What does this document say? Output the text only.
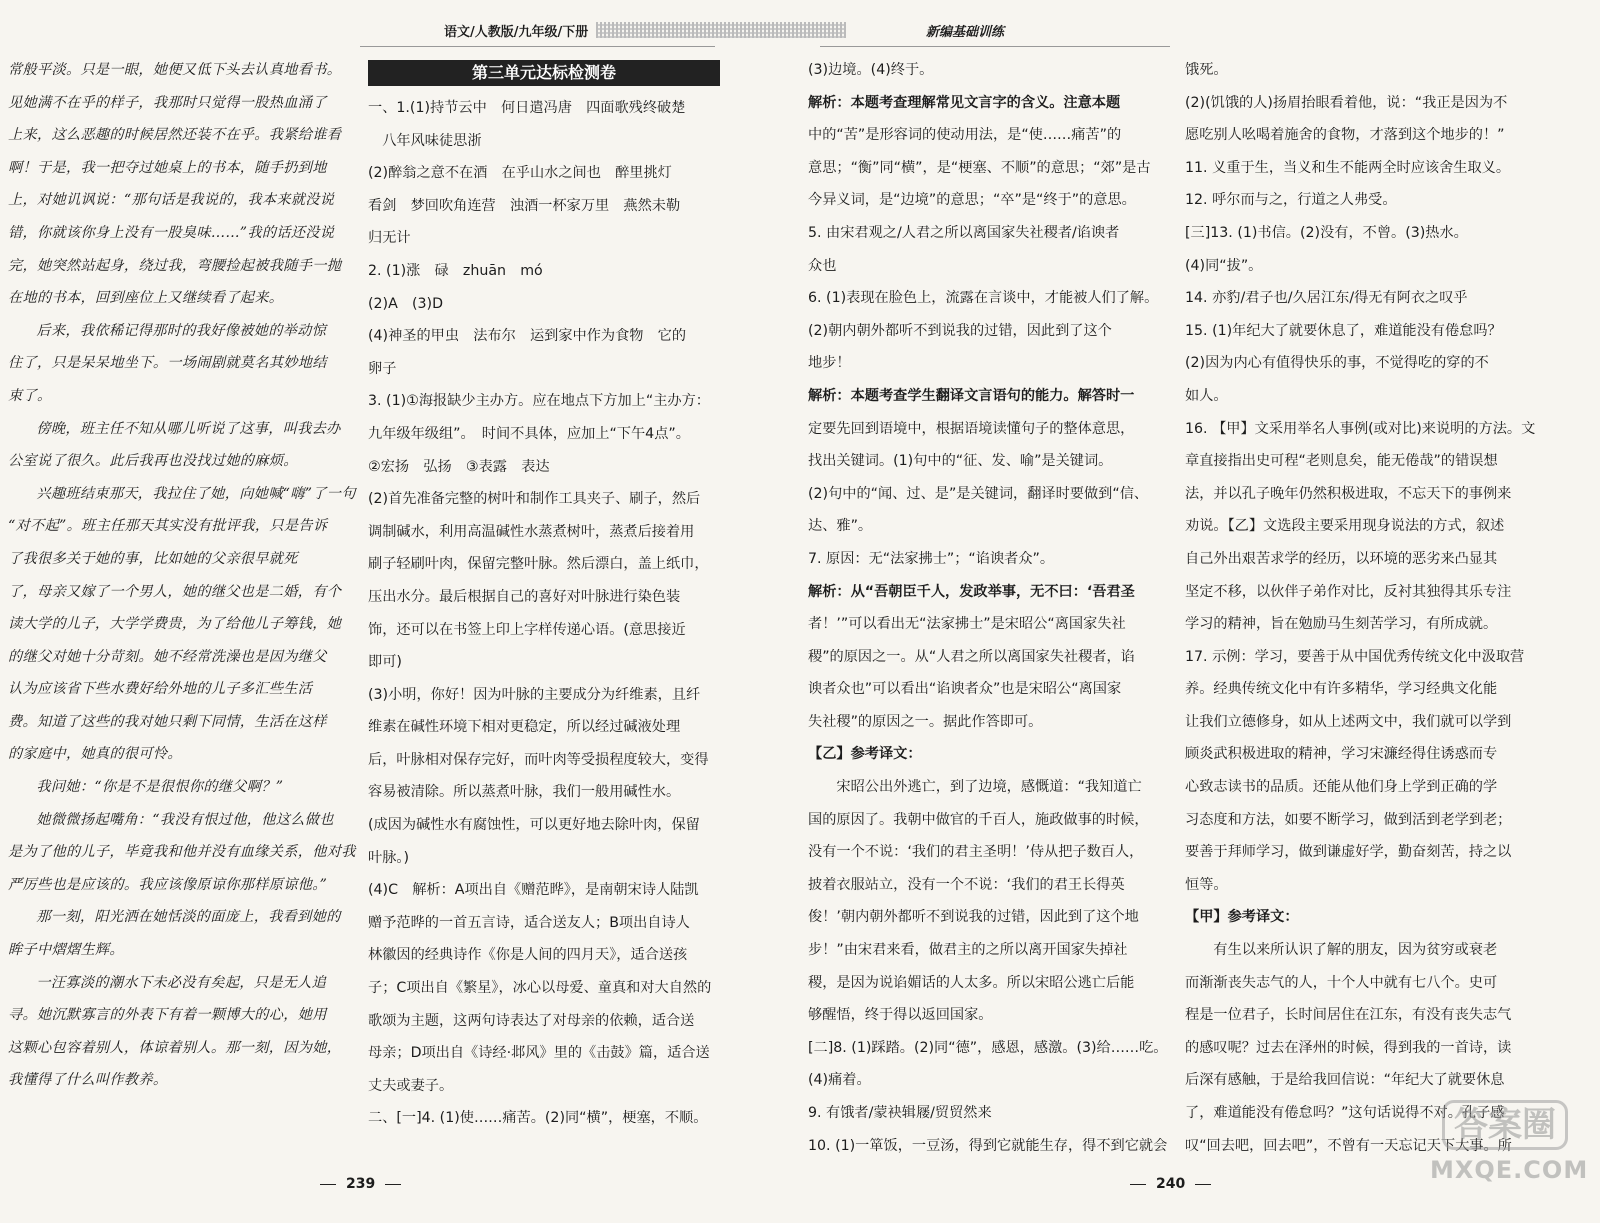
语文/人教版/九年级/下册	新编基础训练

常般平淡。只是一眼，她便又低下头去认真地看书。

见她满不在乎的样子，我那时只觉得一股热血涌了

上来，这么恶趣的时候居然还装不在乎。我紧给谁看

啊！于是，我一把夺过她桌上的书本，随手扔到地

上，对她讥讽说：“那句话是我说的，我本来就没说

错，你就该你身上没有一股臭味……”我的话还没说

完，她突然站起身，绕过我，弯腰捡起被我随手一抛

在地的书本，回到座位上又继续看了起来。

后来，我依稀记得那时的我好像被她的举动惊

住了，只是呆呆地坐下。一场闹剧就莫名其妙地结

束了。

傍晚，班主任不知从哪儿听说了这事，叫我去办

公室说了很久。此后我再也没找过她的麻烦。

兴趣班结束那天，我拉住了她，向她喊“嗨”了一句

“对不起”。班主任那天其实没有批评我，只是告诉

了我很多关于她的事，比如她的父亲很早就死

了，母亲又嫁了一个男人，她的继父也是二婚，有个

读大学的儿子，大学学费贵，为了给他儿子筹钱，她

的继父对她十分苛刻。她不经常洗澡也是因为继父

认为应该省下些水费好给外地的儿子多汇些生活

费。知道了这些的我对她只剩下同情，生活在这样

的家庭中，她真的很可怜。

我问她：“你是不是很恨你的继父啊？”

她微微扬起嘴角：“我没有恨过他，他这么做也

是为了他的儿子，毕竟我和他并没有血缘关系，他对我

严厉些也是应该的。我应该像原谅你那样原谅他。”

那一刻，阳光洒在她恬淡的面庞上，我看到她的

眸子中熠熠生辉。

一汪寡淡的潮水下未必没有矣起，只是无人追

寻。她沉默寡言的外表下有着一颗博大的心，她用

这颗心包容着别人，体谅着别人。那一刻，因为她，

我懂得了什么叫作教养。

第三单元达标检测卷

一、1.(1)持节云中　何日遣冯唐　四面歌残终破楚

　八年风味徒思浙

(2)醉翁之意不在酒　在乎山水之间也　醉里挑灯

看剑　梦回吹角连营　浊酒一杯家万里　燕然未勒

归无计

2. (1)涨　碌　zhuān　mó

(2)A　(3)D

(4)神圣的甲虫　法布尔　运到家中作为食物　它的

卵子

3. (1)①海报缺少主办方。应在地点下方加上“主办方：

九年级年级组”。　时间不具体，应加上“下午4点”。

②宏扬　弘扬　③表露　表达

(2)首先准备完整的树叶和制作工具夹子、刷子，然后

调制碱水，利用高温碱性水蒸煮树叶，蒸煮后接着用

刷子轻刷叶肉，保留完整叶脉。然后漂白，盖上纸巾，

压出水分。最后根据自己的喜好对叶脉进行染色装

饰，还可以在书签上印上字样传递心语。(意思接近

即可)

(3)小明，你好！因为叶脉的主要成分为纤维素，且纤

维素在碱性环境下相对更稳定，所以经过碱液处理

后，叶脉相对保存完好，而叶肉等受损程度较大，变得

容易被清除。所以蒸煮叶脉，我们一般用碱性水。

(成因为碱性水有腐蚀性，可以更好地去除叶肉，保留

叶脉。)

(4)C　解析：A项出自《赠范晔》，是南朝宋诗人陆凯

赠予范晔的一首五言诗，适合送友人；B项出自诗人

林徽因的经典诗作《你是人间的四月天》，适合送孩

子；C项出自《繁星》，冰心以母爱、童真和对大自然的

歌颂为主题，这两句诗表达了对母亲的依赖，适合送

母亲；D项出自《诗经·邶风》里的《击鼓》篇，适合送

丈夫或妻子。

二、[一]4. (1)使……痛苦。(2)同“横”，梗塞，不顺。

(3)边境。(4)终于。

解析：本题考查理解常见文言字的含义。注意本题

中的“苦”是形容词的使动用法，是“使……痛苦”的

意思；“衡”同“横”，是“梗塞、不顺”的意思；“郊”是古

今异义词，是“边境”的意思；“卒”是“终于”的意思。

5. 由宋君观之/人君之所以离国家失社稷者/谄谀者

众也

6. (1)表现在脸色上，流露在言谈中，才能被人们了解。

(2)朝内朝外都听不到说我的过错，因此到了这个

地步！

解析：本题考查学生翻译文言语句的能力。解答时一

定要先回到语境中，根据语境读懂句子的整体意思，

找出关键词。(1)句中的“征、发、喻”是关键词。

(2)句中的“闻、过、是”是关键词，翻译时要做到“信、

达、雅”。

7. 原因：无“法家拂士”；“谄谀者众”。

解析：从“吾朝臣千人，发政举事，无不曰：‘吾君圣

者！’”可以看出无“法家拂士”是宋昭公“离国家失社

稷”的原因之一。从“人君之所以离国家失社稷者，谄

谀者众也”可以看出“谄谀者众”也是宋昭公“离国家

失社稷”的原因之一。据此作答即可。

【乙】参考译文：

宋昭公出外逃亡，到了边境，感慨道：“我知道亡

国的原因了。我朝中做官的千百人，施政做事的时候，

没有一个不说：‘我们的君主圣明！’侍从把子数百人，

披着衣服站立，没有一个不说：‘我们的君王长得英

俊！’朝内朝外都听不到说我的过错，因此到了这个地

步！”由宋君来看，做君主的之所以离开国家失掉社

稷，是因为说谄媚话的人太多。所以宋昭公逃亡后能

够醒悟，终于得以返回国家。

[二]8. (1)踩踏。(2)同“德”，感恩，感激。(3)给……吃。

(4)痛着。

9. 有饿者/蒙袂辑屦/贸贸然来

10. (1)一箪饭，一豆汤，得到它就能生存，得不到它就会

饿死。

(2)(饥饿的人)扬眉抬眼看着他，说：“我正是因为不

愿吃别人吆喝着施舍的食物，才落到这个地步的！”

11. 义重于生，当义和生不能两全时应该舍生取义。

12. 呼尔而与之，行道之人弗受。

[三]13. (1)书信。(2)没有，不曾。(3)热水。

(4)同“拔”。

14. 亦豹/君子也/久居江东/得无有阿衣之叹乎

15. (1)年纪大了就要休息了，难道能没有倦怠吗？

(2)因为内心有值得快乐的事，不觉得吃的穿的不

如人。

16. 【甲】文采用举名人事例(或对比)来说明的方法。文

章直接指出史可程“老则息矣，能无倦哉”的错误想

法，并以孔子晚年仍然积极进取，不忘天下的事例来

劝说。【乙】文选段主要采用现身说法的方式，叙述

自己外出艰苦求学的经历，以环境的恶劣来凸显其

坚定不移，以伙伴子弟作对比，反衬其独得其乐专注

学习的精神，旨在勉励马生刻苦学习，有所成就。

17. 示例：学习，要善于从中国优秀传统文化中汲取营

养。经典传统文化中有许多精华，学习经典文化能

让我们立德修身，如从上述两文中，我们就可以学到

顾炎武积极进取的精神，学习宋濂经得住诱惑而专

心致志读书的品质。还能从他们身上学到正确的学

习态度和方法，如要不断学习，做到活到老学到老；

要善于拜师学习，做到谦虚好学，勤奋刻苦，持之以

恒等。

【甲】参考译文：

有生以来所认识了解的朋友，因为贫穷或衰老

而渐渐丧失志气的人，十个人中就有七八个。史可

程是一位君子，长时间居住在江东，有没有丧失志气

的感叹呢？过去在泽州的时候，得到我的一首诗，读

后深有感触，于是给我回信说：“年纪大了就要休息

了，难道能没有倦怠吗？”这句话说得不对。孔子感

叹“回去吧，回去吧”，不曾有一天忘记天下大事。所

239	240
答案圈
MXQE.COM
